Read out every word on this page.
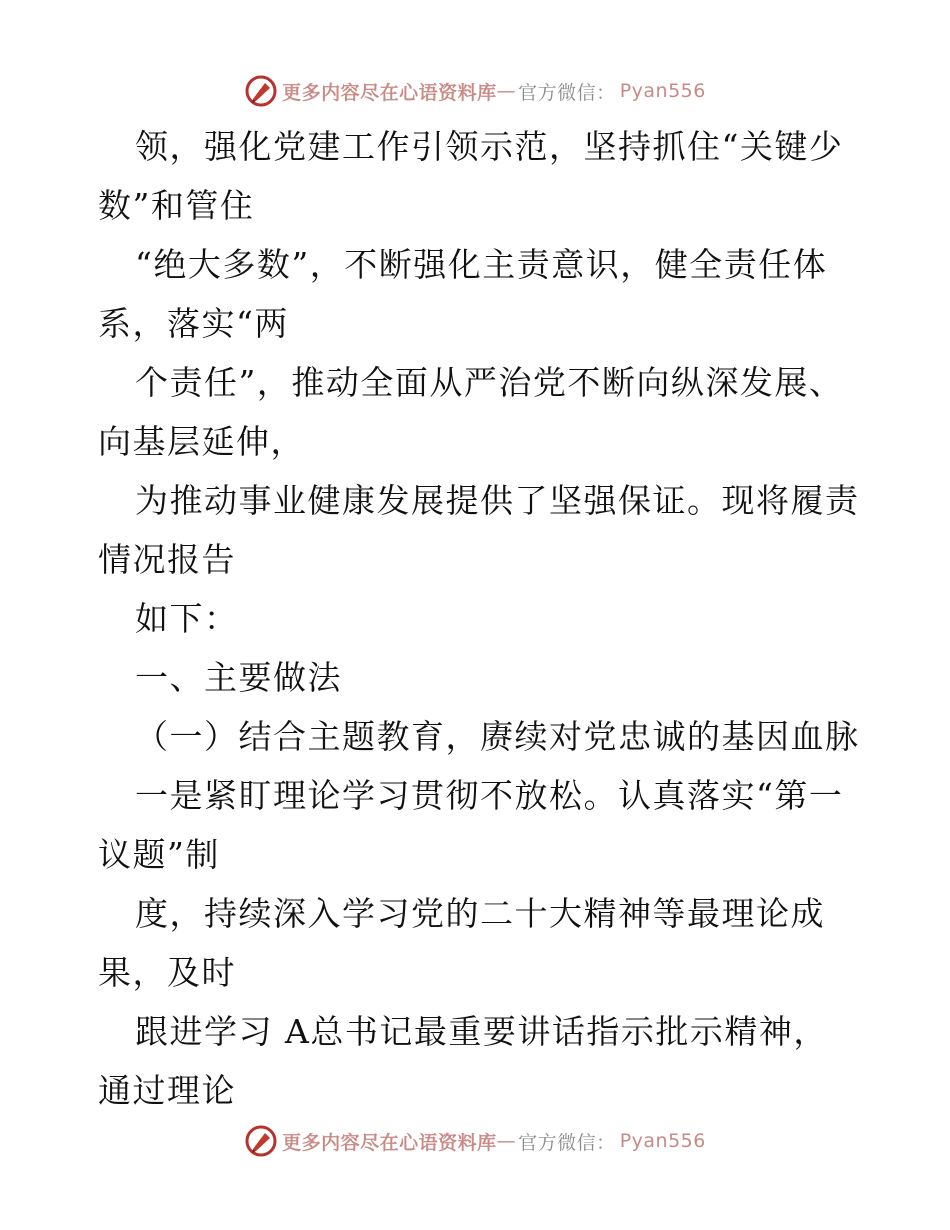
更多内容尽在心语资料库 — 官方微信： Pyan556
领，强化党建工作引领示范，坚持抓住“关键少
数”和管住
“绝大多数”，不断强化主责意识，健全责任体
系，落实“两
个责任”，推动全面从严治党不断向纵深发展、
向基层延伸，
为推动事业健康发展提供了坚强保证。现将履责
情况报告
如下：
一、主要做法
（一）结合主题教育，赓续对党忠诚的基因血脉
一是紧盯理论学习贯彻不放松。认真落实“第一
议题”制
度，持续深入学习党的二十大精神等最理论成
果，及时
跟进学习 A总书记最重要讲话指示批示精神，
通过理论
更多内容尽在心语资料库 — 官方微信： Pyan556
